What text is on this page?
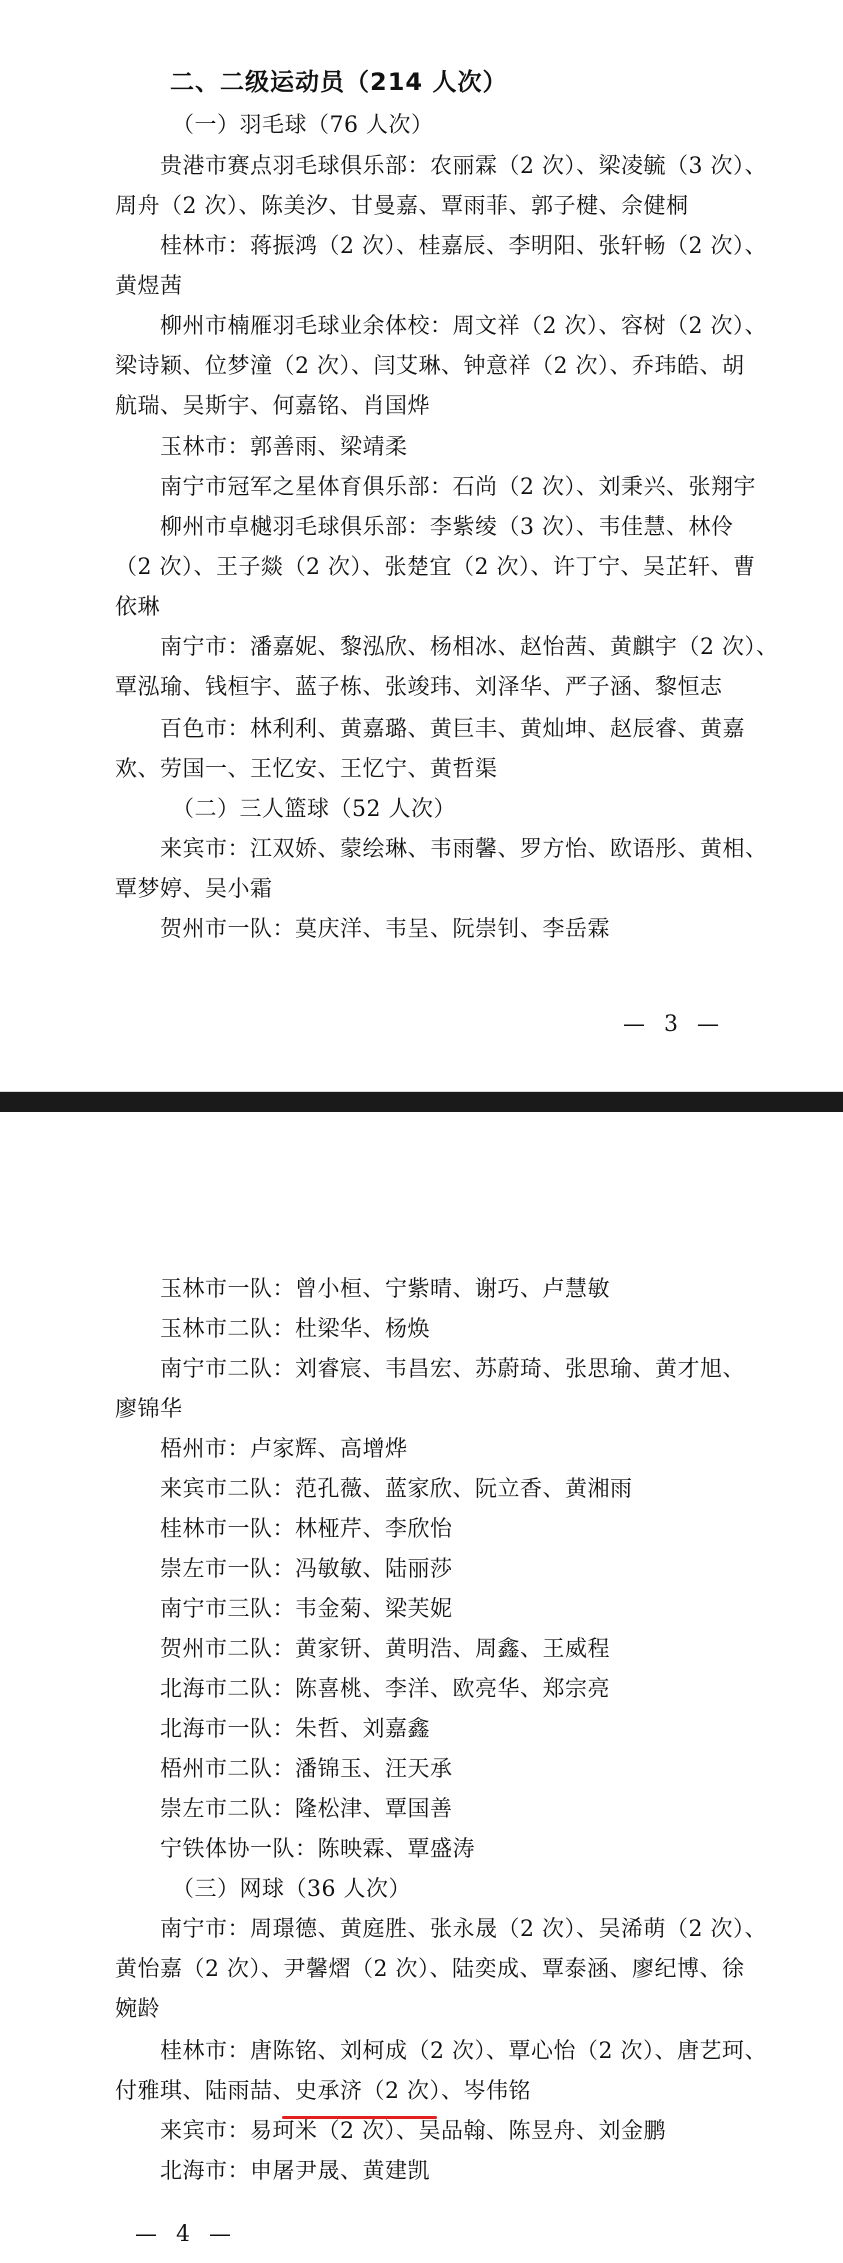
二、二级运动员（214 人次）
（一）羽毛球（76 人次）
贵港市赛点羽毛球俱乐部：农丽霖（2 次）、梁凌毓（3 次）、
周舟（2 次）、陈美汐、甘曼嘉、覃雨菲、郭子楗、佘健桐
桂林市：蒋振鸿（2 次）、桂嘉辰、李明阳、张轩畅（2 次）、
黄煜茜
柳州市楠雁羽毛球业余体校：周文祥（2 次）、容树（2 次）、
梁诗颖、位梦潼（2 次）、闫艾琳、钟意祥（2 次）、乔玮皓、胡
航瑞、吴斯宇、何嘉铭、肖国烨
玉林市：郭善雨、梁靖柔
南宁市冠军之星体育俱乐部：石尚（2 次）、刘秉兴、张翔宇
柳州市卓樾羽毛球俱乐部：李紫绫（3 次）、韦佳慧、林伶
（2 次）、王子燚（2 次）、张楚宜（2 次）、许丁宁、吴芷轩、曹
依琳
南宁市：潘嘉妮、黎泓欣、杨相冰、赵怡茜、黄麒宇（2 次）、
覃泓瑜、钱桓宇、蓝子栋、张竣玮、刘泽华、严子涵、黎恒志
百色市：林利利、黄嘉璐、黄巨丰、黄灿坤、赵辰睿、黄嘉
欢、劳国一、王忆安、王忆宁、黄哲渠
（二）三人篮球（52 人次）
来宾市：江双娇、蒙绘琳、韦雨馨、罗方怡、欧语彤、黄相、
覃梦婷、吴小霜
贺州市一队：莫庆洋、韦呈、阮崇钊、李岳霖
— 3 —
玉林市一队：曾小桓、宁紫晴、谢巧、卢慧敏
玉林市二队：杜梁华、杨焕
南宁市二队：刘睿宸、韦昌宏、苏蔚琦、张思瑜、黄才旭、
廖锦华
梧州市：卢家辉、高增烨
来宾市二队：范孔薇、蓝家欣、阮立香、黄湘雨
桂林市一队：林桠芹、李欣怡
崇左市一队：冯敏敏、陆丽莎
南宁市三队：韦金菊、梁芙妮
贺州市二队：黄家钘、黄明浩、周鑫、王威程
北海市二队：陈喜桃、李洋、欧亮华、郑宗亮
北海市一队：朱哲、刘嘉鑫
梧州市二队：潘锦玉、汪天承
崇左市二队：隆松津、覃国善
宁铁体协一队：陈映霖、覃盛涛
（三）网球（36 人次）
南宁市：周璟德、黄庭胜、张永晟（2 次）、吴浠萌（2 次）、
黄怡嘉（2 次）、尹馨熠（2 次）、陆奕成、覃泰涵、廖纪博、徐
婉龄
桂林市：唐陈铭、刘柯成（2 次）、覃心怡（2 次）、唐艺珂、
付雅琪、陆雨喆、史承济（2 次）、岑伟铭
来宾市：易珂米（2 次）、吴品翰、陈昱舟、刘金鹏
北海市：申屠尹晟、黄建凯
— 4 —
